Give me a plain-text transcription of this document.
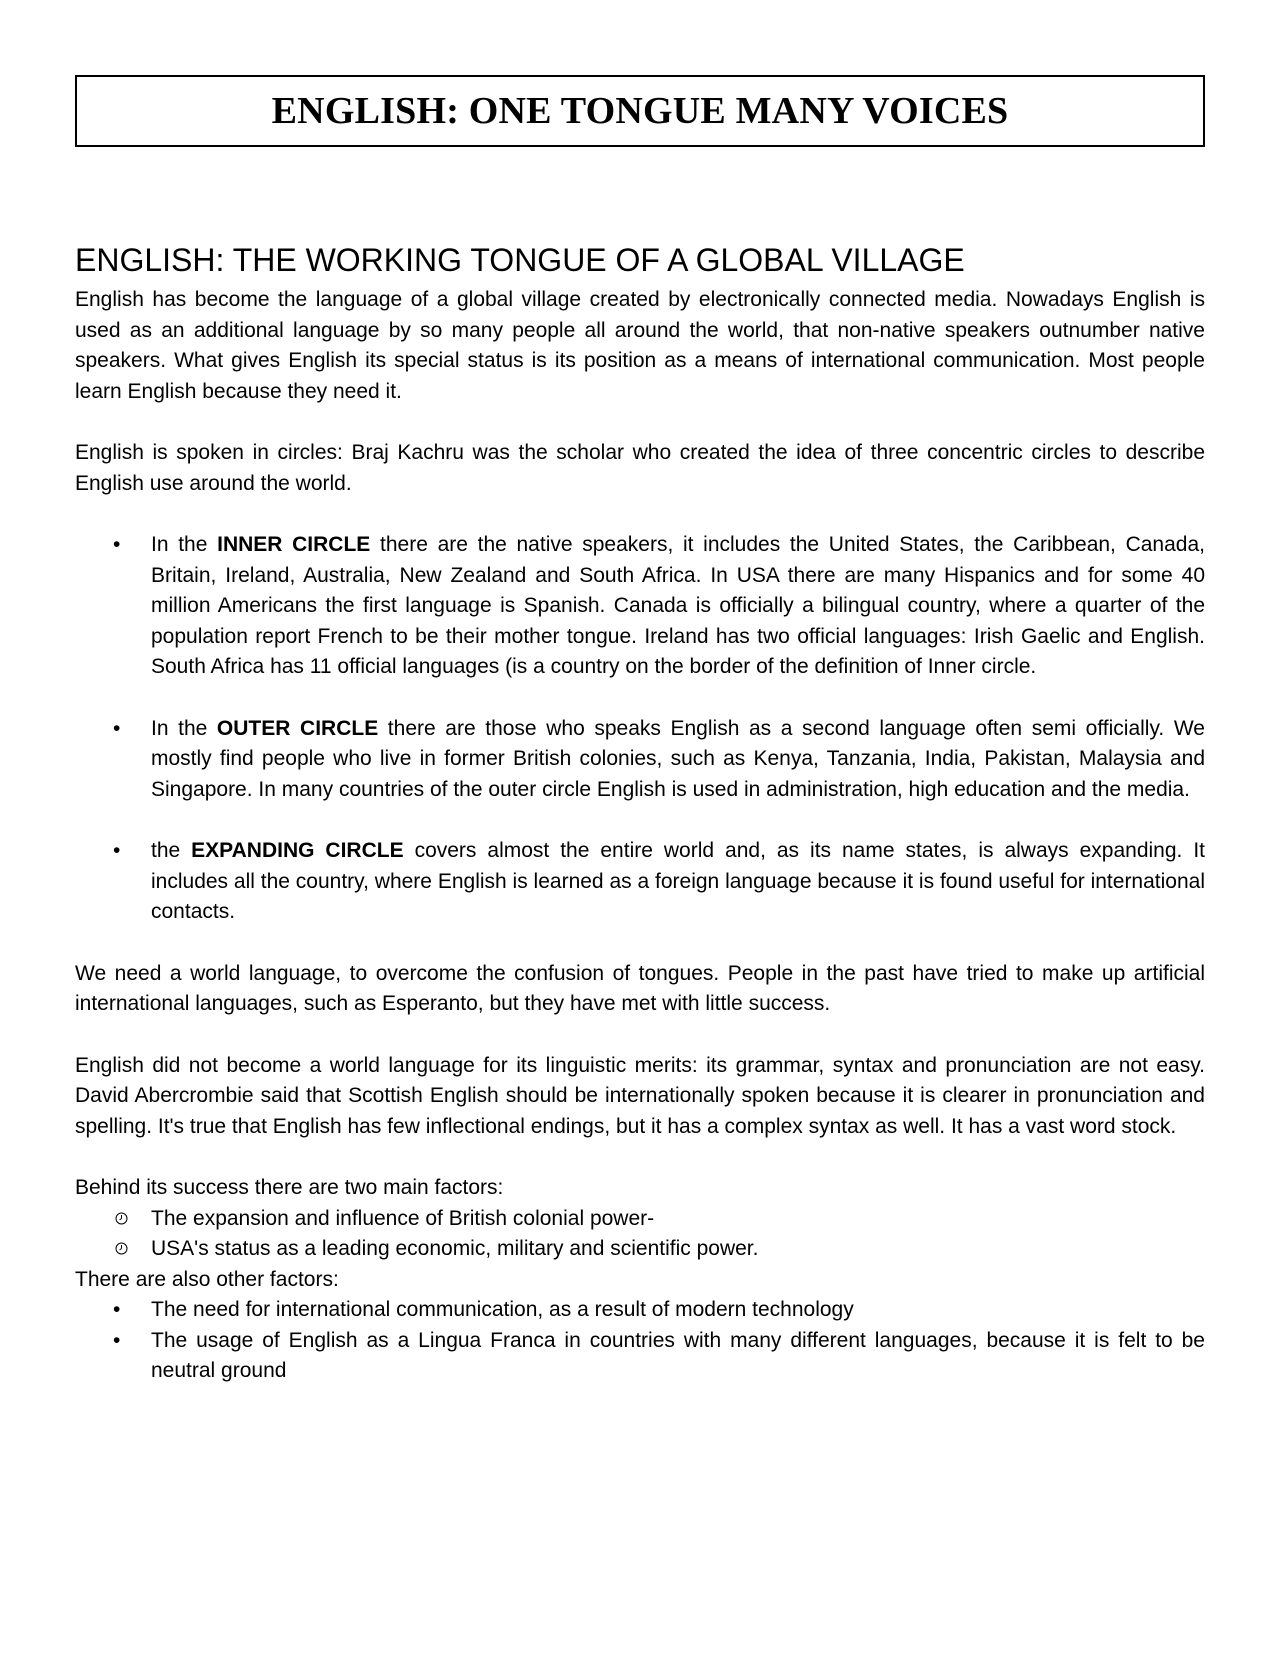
ENGLISH: ONE TONGUE MANY VOICES
ENGLISH: THE WORKING TONGUE OF A GLOBAL VILLAGE

English has become the language of a global village created by electronically connected media. Nowadays English is used as an additional language by so many people all around the world, that non-native speakers outnumber native speakers. What gives English its special status is its position as a means of international communication. Most people learn English because they need it.

English is spoken in circles: Braj Kachru was the scholar who created the idea of three concentric circles to describe English use around the world.

• In the INNER CIRCLE there are the native speakers, it includes the United States, the Caribbean, Canada, Britain, Ireland, Australia, New Zealand and South Africa. In USA there are many Hispanics and for some 40 million Americans the first language is Spanish. Canada is officially a bilingual country, where a quarter of the population report French to be their mother tongue. Ireland has two official languages: Irish Gaelic and English. South Africa has 11 official languages (is a country on the border of the definition of Inner circle.
• In the OUTER CIRCLE there are those who speaks English as a second language often semi officially. We mostly find people who live in former British colonies, such as Kenya, Tanzania, India, Pakistan, Malaysia and Singapore. In many countries of the outer circle English is used in administration, high education and the media.
• the EXPANDING CIRCLE covers almost the entire world and, as its name states, is always expanding. It includes all the country, where English is learned as a foreign language because it is found useful for international contacts.

We need a world language, to overcome the confusion of tongues. People in the past have tried to make up artificial international languages, such as Esperanto, but they have met with little success.

English did not become a world language for its linguistic merits: its grammar, syntax and pronunciation are not easy. David Abercrombie said that Scottish English should be internationally spoken because it is clearer in pronunciation and spelling. It's true that English has few inflectional endings, but it has a complex syntax as well. It has a vast word stock.

Behind its success there are two main factors:

The expansion and influence of British colonial power-
USA's status as a leading economic, military and scientific power.

There are also other factors:

• The need for international communication, as a result of modern technology
• The usage of English as a Lingua Franca in countries with many different languages, because it is felt to be neutral ground
